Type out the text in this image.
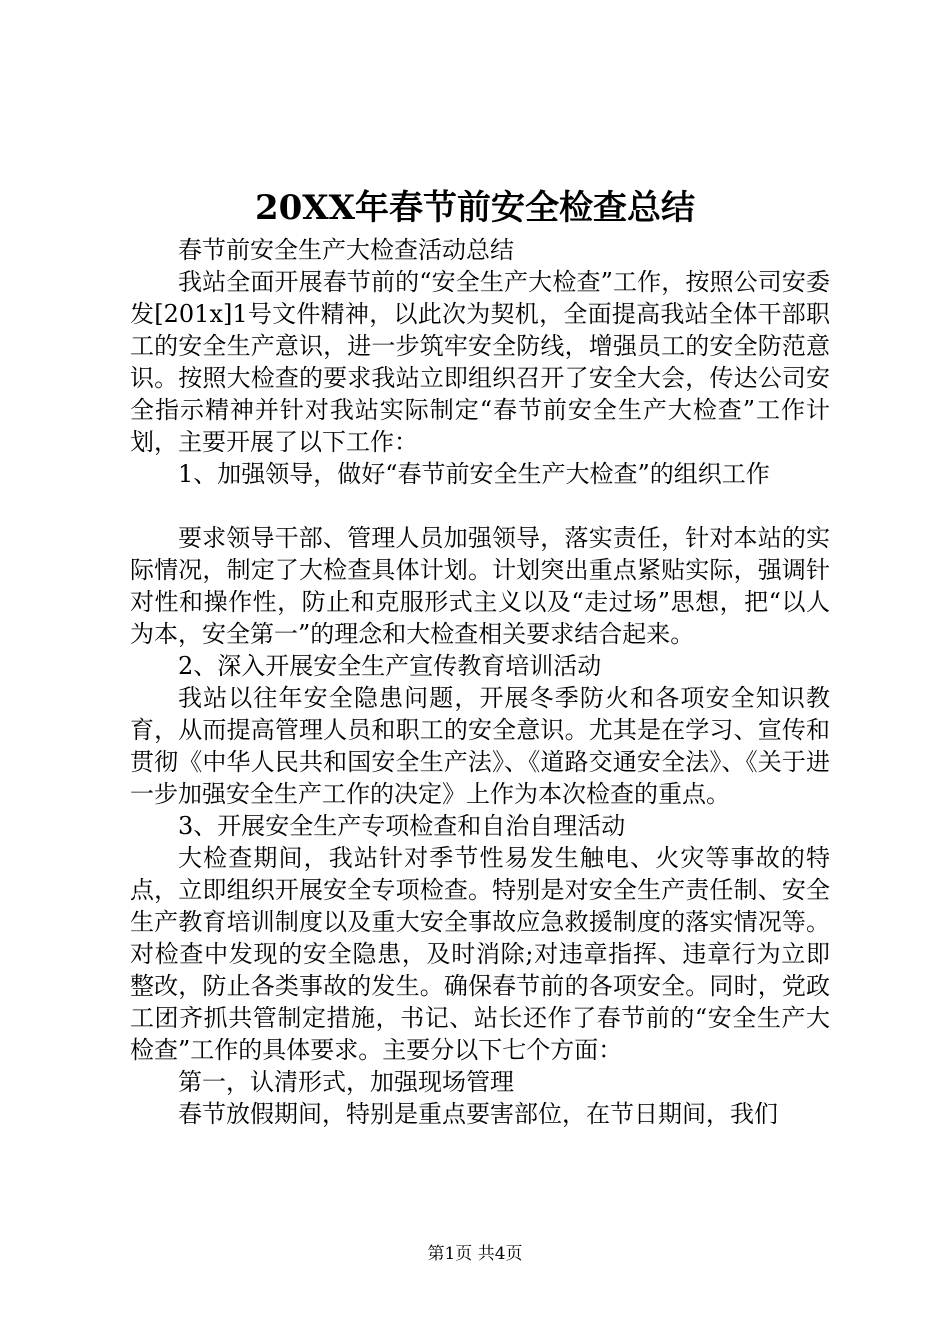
20XX年春节前安全检查总结

春节前安全生产大检查活动总结

我站全面开展春节前的“安全生产大检查”工作，按照公司安委发[201x]1号文件精神，以此次为契机，全面提高我站全体干部职工的安全生产意识，进一步筑牢安全防线，增强员工的安全防范意识。按照大检查的要求我站立即组织召开了安全大会，传达公司安全指示精神并针对我站实际制定“春节前安全生产大检查”工作计划，主要开展了以下工作：

1、加强领导，做好“春节前安全生产大检查”的组织工作

要求领导干部、管理人员加强领导，落实责任，针对本站的实际情况，制定了大检查具体计划。计划突出重点紧贴实际，强调针对性和操作性，防止和克服形式主义以及“走过场”思想，把“以人为本，安全第一”的理念和大检查相关要求结合起来。

2、深入开展安全生产宣传教育培训活动

我站以往年安全隐患问题，开展冬季防火和各项安全知识教育，从而提高管理人员和职工的安全意识。尤其是在学习、宣传和贯彻《中华人民共和国安全生产法》、《道路交通安全法》、《关于进一步加强安全生产工作的决定》上作为本次检查的重点。

3、开展安全生产专项检查和自治自理活动

大检查期间，我站针对季节性易发生触电、火灾等事故的特点，立即组织开展安全专项检查。特别是对安全生产责任制、安全生产教育培训制度以及重大安全事故应急救援制度的落实情况等。对检查中发现的安全隐患，及时消除;对违章指挥、违章行为立即整改，防止各类事故的发生。确保春节前的各项安全。同时，党政工团齐抓共管制定措施，书记、站长还作了春节前的“安全生产大检查”工作的具体要求。主要分以下七个方面：

第一，认清形式，加强现场管理

春节放假期间，特别是重点要害部位，在节日期间，我们

第1页 共4页
